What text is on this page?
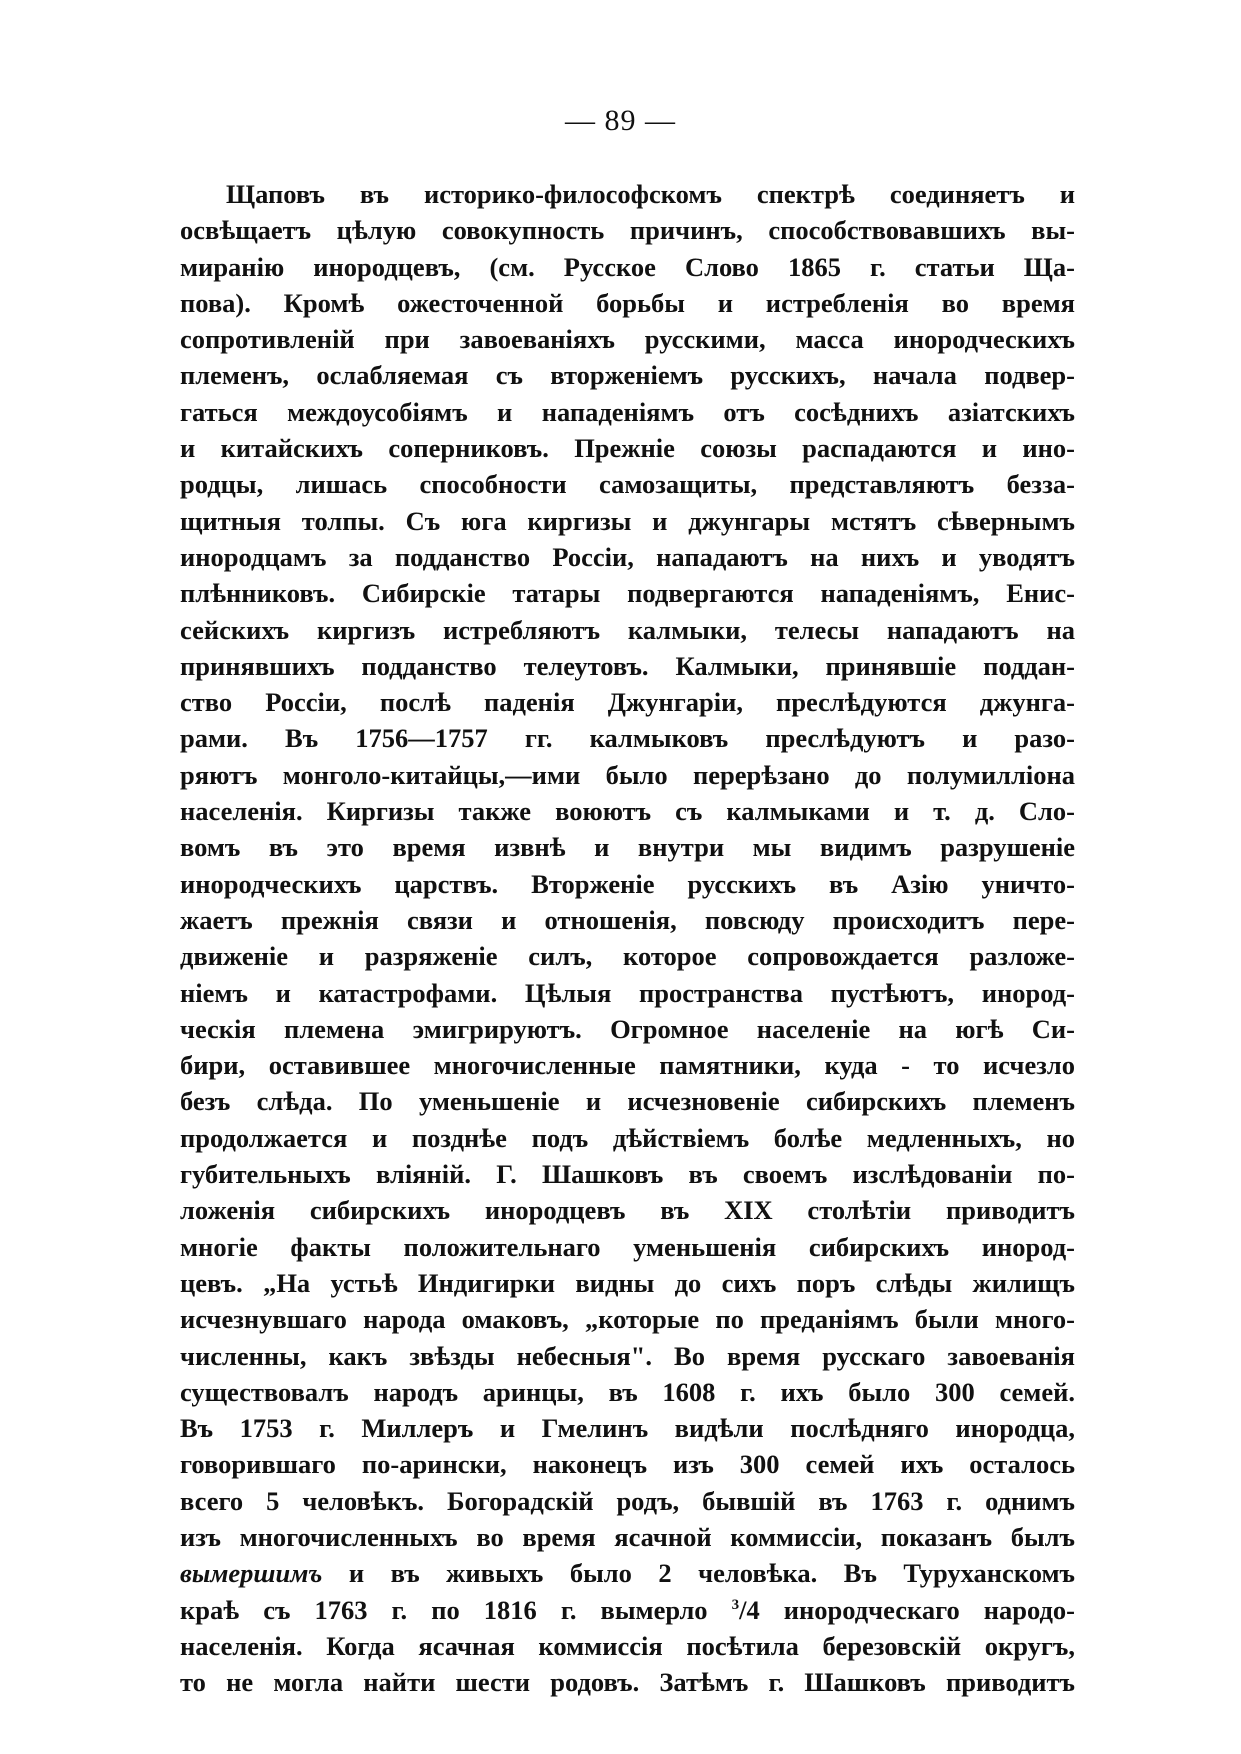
— 89 —
Щаповъ въ историко-философскомъ спектрѣ соединяетъ и
освѣщаетъ цѣлую совокупность причинъ, способствовавшихъ вы-
миранію инородцевъ, (см. Русское Слово 1865 г. статьи Ща-
пова). Кромѣ ожесточенной борьбы и истребленія во время
сопротивленій при завоеваніяхъ русскими, масса инородческихъ
племенъ, ослабляемая съ вторженіемъ русскихъ, начала подвер-
гаться междоусобіямъ и нападеніямъ отъ сосѣднихъ азіатскихъ
и китайскихъ соперниковъ. Прежніе союзы распадаются и ино-
родцы, лишась способности самозащиты, представляютъ безза-
щитныя толпы. Съ юга киргизы и джунгары мстятъ сѣвернымъ
инородцамъ за подданство Россіи, нападаютъ на нихъ и уводятъ
плѣнниковъ. Сибирскіе татары подвергаются нападеніямъ, Енис-
сейскихъ киргизъ истребляютъ калмыки, телесы нападаютъ на
принявшихъ подданство телеутовъ. Калмыки, принявшіе поддан-
ство Россіи, послѣ паденія Джунгаріи, преслѣдуются джунга-
рами. Въ 1756—1757 гг. калмыковъ преслѣдуютъ и разо-
ряютъ монголо-китайцы,—ими было перерѣзано до полумилліона
населенія. Киргизы также воюютъ съ калмыками и т. д. Сло-
вомъ въ это время извнѣ и внутри мы видимъ разрушеніе
инородческихъ царствъ. Вторженіе русскихъ въ Азію уничто-
жаетъ прежнія связи и отношенія, повсюду происходитъ пере-
движеніе и разряженіе силъ, которое сопровождается разложе-
ніемъ и катастрофами. Цѣлыя пространства пустѣютъ, инород-
ческія племена эмигрируютъ. Огромное населеніе на югѣ Си-
бири, оставившее многочисленные памятники, куда - то исчезло
безъ слѣда. По уменьшеніе и исчезновеніе сибирскихъ племенъ
продолжается и позднѣе подъ дѣйствіемъ болѣе медленныхъ, но
губительныхъ вліяній. Г. Шашковъ въ своемъ изслѣдованіи по-
ложенія сибирскихъ инородцевъ въ XIX столѣтіи приводитъ
многіе факты положительнаго уменьшенія сибирскихъ инород-
цевъ. „На устьѣ Индигирки видны до сихъ поръ слѣды жилищъ
исчезнувшаго народа омаковъ, „которые по преданіямъ были много-
численны, какъ звѣзды небесныя". Во время русскаго завоеванія
существовалъ народъ аринцы, въ 1608 г. ихъ было 300 семей.
Въ 1753 г. Миллеръ и Гмелинъ видѣли послѣдняго инородца,
говорившаго по-арински, наконецъ изъ 300 семей ихъ осталось
всего 5 человѣкъ. Богорадскій родъ, бывшій въ 1763 г. однимъ
изъ многочисленныхъ во время ясачной коммиссіи, показанъ былъ
вымершимъ и въ живыхъ было 2 человѣка. Въ Туруханскомъ
краѣ съ 1763 г. по 1816 г. вымерло $^3$/4 инородческаго народо-
населенія. Когда ясачная коммиссія посѣтила березовскій округъ,
то не могла найти шести родовъ. Затѣмъ г. Шашковъ приводитъ
